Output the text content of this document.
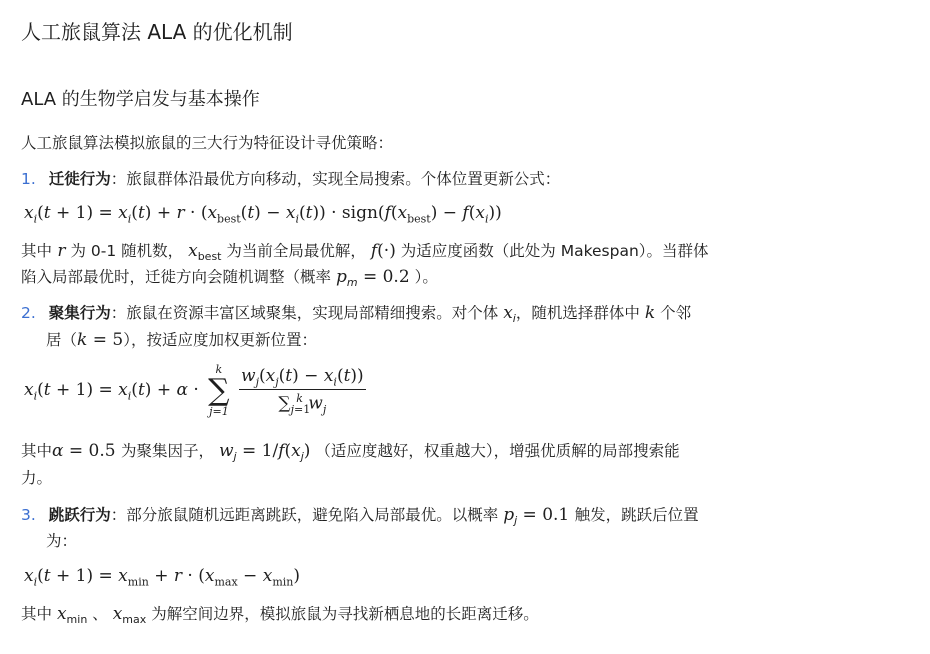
人工旅鼠算法 ALA 的优化机制
ALA 的生物学启发与基本操作
人工旅鼠算法模拟旅鼠的三大行为特征设计寻优策略：
1. 迁徙行为：旅鼠群体沿最优方向移动，实现全局搜索。个体位置更新公式：
$x_i(t + 1) = x_i(t) + r \cdot (x_{best}(t) - x_i(t))$ · $sign(f(x_{best}) - f(x_i))$
其中 r 为 0-1 随机数， $x_{best}$ 为当前全局最优解， f(·) 为适应度函数（此处为 Makespan）。当群体
陷入局部最优时，迁徙方向会随机调整（概率 $p_m = 0.2$ ）。
2. 聚集行为：旅鼠在资源丰富区域聚集，实现局部精细搜索。对个体 $x_i$，随机选择群体中 k 个邻
居（k = 5），按适应度加权更新位置：
$x_i(t + 1) = x_i(t) + \alpha$ ·
k
∑
j=1
$\frac{w_j(x_j(t) - x_i(t))}{\sum_{j=1}^k w_j}$
其中α = 0.5 为聚集因子， $w_j = 1/f(x_j)$ （适应度越好，权重越大），增强优质解的局部搜索能
力。
3. 跳跃行为：部分旅鼠随机远距离跳跃，避免陷入局部最优。以概率 $p_j = 0.1$ 触发，跳跃后位置
为：
$x_i(t + 1) = x_{min} + r \cdot (x_{max} - x_{min})$
其中 $x_{min}$ 、 $x_{max}$ 为解空间边界，模拟旅鼠为寻找新栖息地的长距离迁移。
